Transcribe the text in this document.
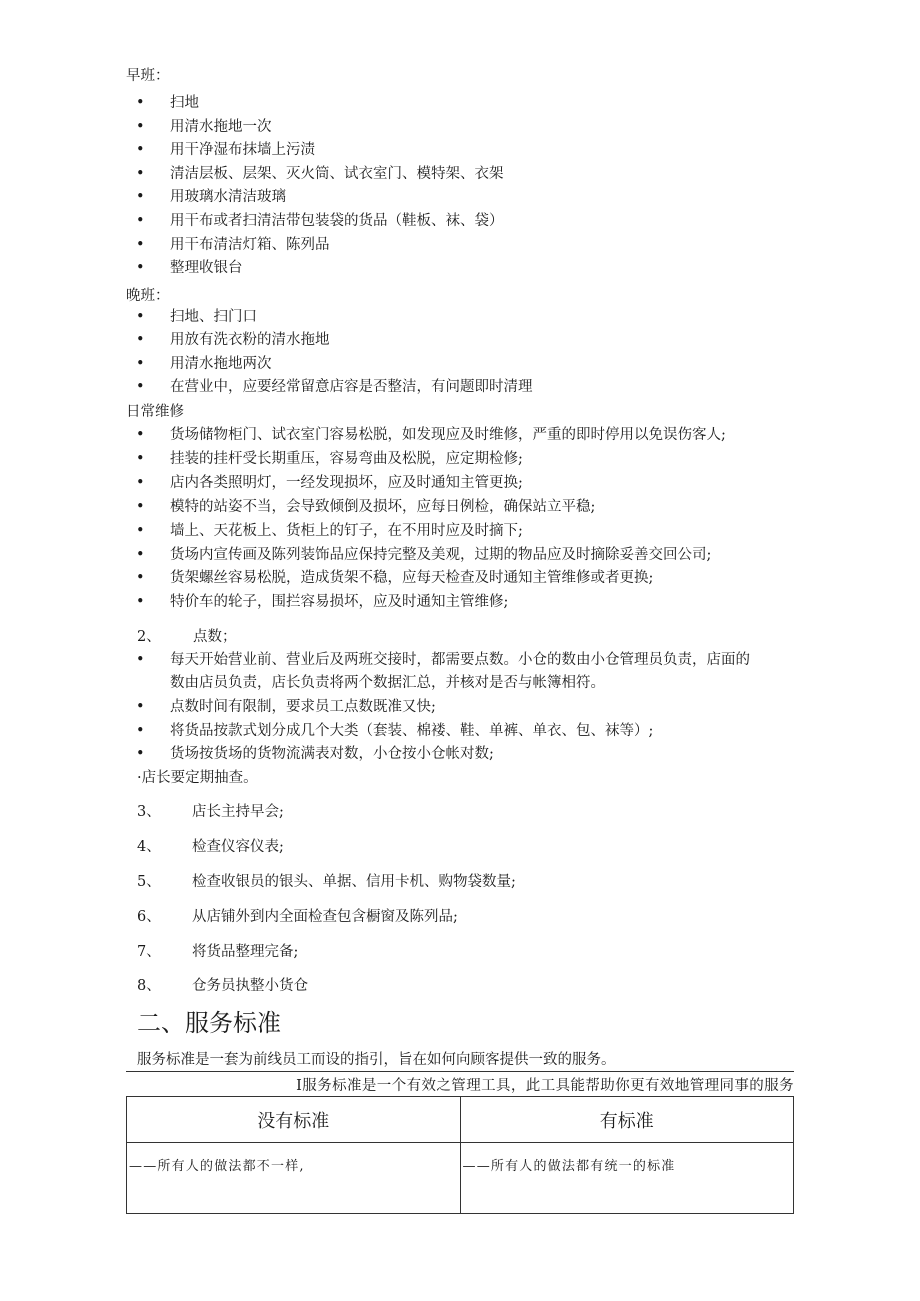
早班：
•	扫地
•	用清水拖地一次
•	用干净湿布抹墙上污渍
•	清洁层板、层架、灭火筒、试衣室门、模特架、衣架
•	用玻璃水清洁玻璃
•	用干布或者扫清洁带包装袋的货品（鞋板、袜、袋）
•	用干布清洁灯箱、陈列品
•	整理收银台
晚班：
•	扫地、扫门口
•	用放有洗衣粉的清水拖地
•	用清水拖地两次
•	在营业中，应要经常留意店容是否整洁，有问题即时清理
日常维修
•	货场储物柜门、试衣室门容易松脱，如发现应及时维修，严重的即时停用以免误伤客人;
•	挂装的挂杆受长期重压，容易弯曲及松脱，应定期检修;
•	店内各类照明灯，一经发现损坏，应及时通知主管更换;
•	模特的站姿不当，会导致倾倒及损坏，应每日例检，确保站立平稳;
•	墙上、天花板上、货柜上的钉子，在不用时应及时摘下;
•	货场内宣传画及陈列装饰品应保持完整及美观，过期的物品应及时摘除妥善交回公司;
•	货架螺丝容易松脱，造成货架不稳，应每天检查及时通知主管维修或者更换;
•	特价车的轮子，围拦容易损坏，应及时通知主管维修;
2、 点数；
•	每天开始营业前、营业后及两班交接时，都需要点数。小仓的数由小仓管理员负责，店面的
数由店员负责，店长负责将两个数据汇总，并核对是否与帐簿相符。
•	点数时间有限制，要求员工点数既准又快;
•	将货品按款式划分成几个大类（套装、棉褛、鞋、单裤、单衣、包、袜等）;
•	货场按货场的货物流满表对数，小仓按小仓帐对数;
·店长要定期抽查。
3、 店长主持早会;
4、 检查仪容仪表;
5、 检查收银员的银头、单据、信用卡机、购物袋数量;
6、 从店铺外到内全面检查包含橱窗及陈列品;
7、 将货品整理完备;
8、 仓务员执整小货仓
二、服务标准
服务标准是一套为前线员工而设的指引，旨在如何向顾客提供一致的服务。
I服务标准是一个有效之管理工具，此工具能帮助你更有效地管理同事的服务
没有标准	有标准
——所有人的做法都不一样,	——所有人的做法都有统一的标准
